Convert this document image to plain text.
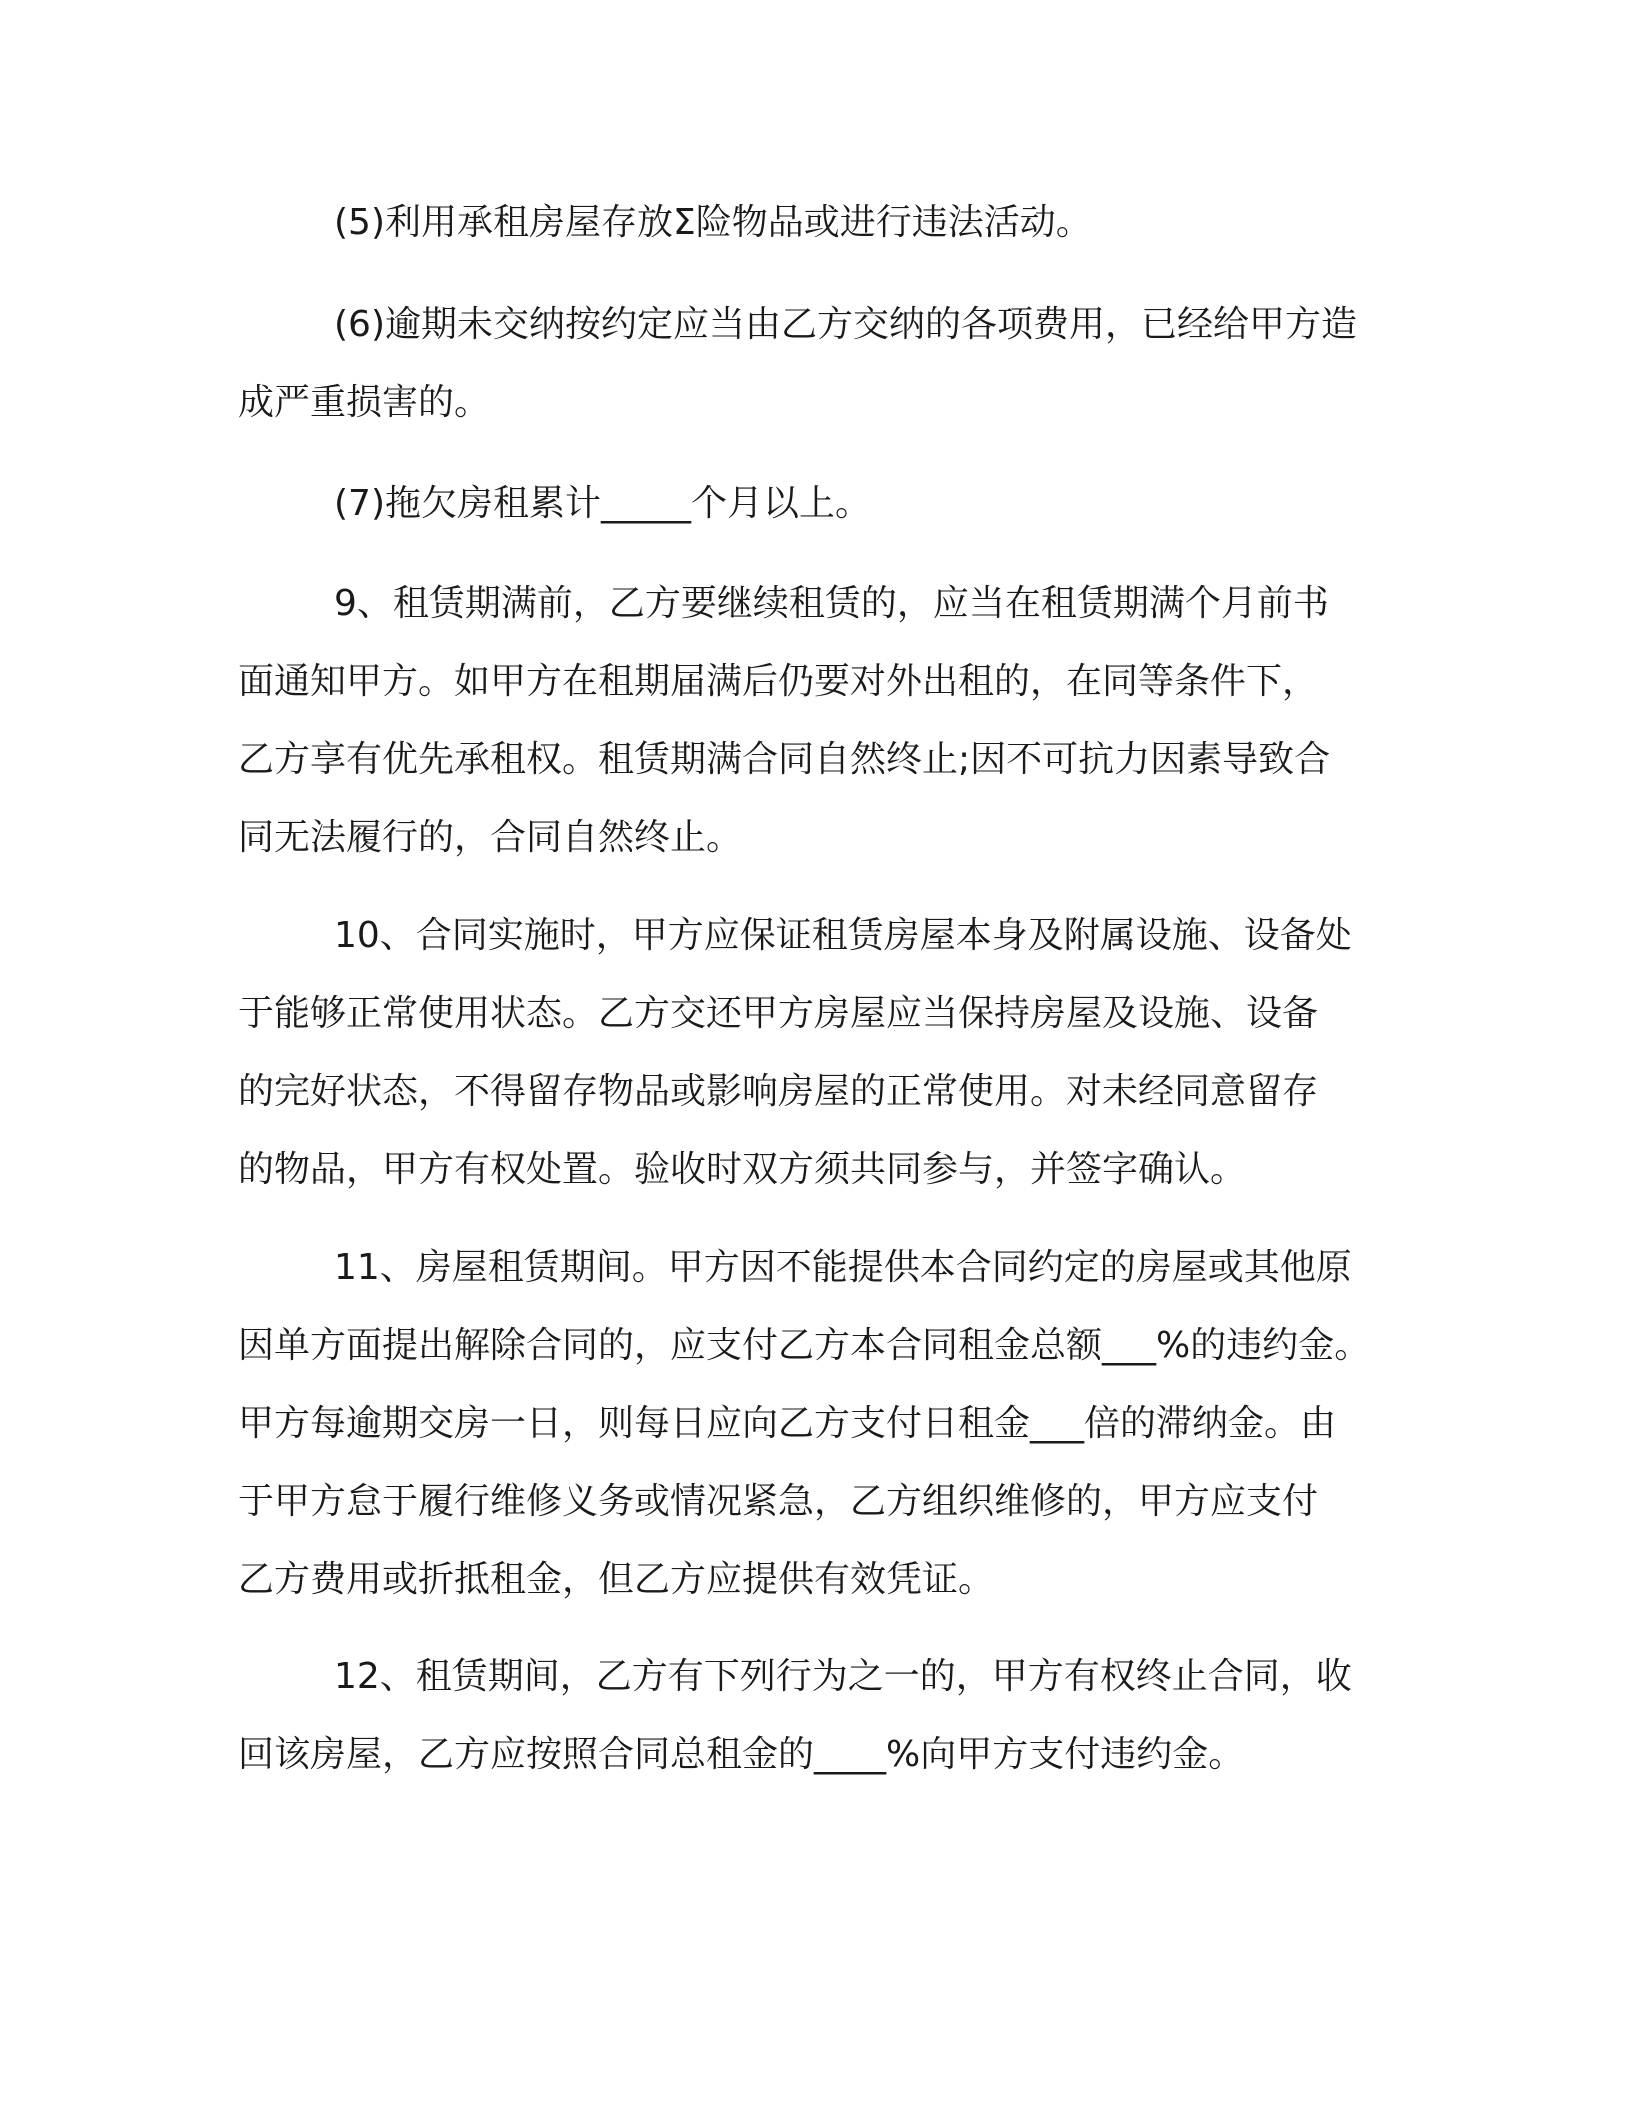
(5)利用承租房屋存放Σ险物品或进行违法活动。

(6)逾期未交纳按约定应当由乙方交纳的各项费用，已经给甲方造
成严重损害的。

(7)拖欠房租累计_____个月以上。

9、租赁期满前，乙方要继续租赁的，应当在租赁期满个月前书
面通知甲方。如甲方在租期届满后仍要对外出租的，在同等条件下，
乙方享有优先承租权。租赁期满合同自然终止;因不可抗力因素导致合
同无法履行的，合同自然终止。

10、合同实施时，甲方应保证租赁房屋本身及附属设施、设备处
于能够正常使用状态。乙方交还甲方房屋应当保持房屋及设施、设备
的完好状态，不得留存物品或影响房屋的正常使用。对未经同意留存
的物品，甲方有权处置。验收时双方须共同参与，并签字确认。

11、房屋租赁期间。甲方因不能提供本合同约定的房屋或其他原
因单方面提出解除合同的，应支付乙方本合同租金总额___%的违约金。
甲方每逾期交房一日，则每日应向乙方支付日租金___倍的滞纳金。由
于甲方怠于履行维修义务或情况紧急，乙方组织维修的，甲方应支付
乙方费用或折抵租金，但乙方应提供有效凭证。

12、租赁期间，乙方有下列行为之一的，甲方有权终止合同，收
回该房屋，乙方应按照合同总租金的____%向甲方支付违约金。
